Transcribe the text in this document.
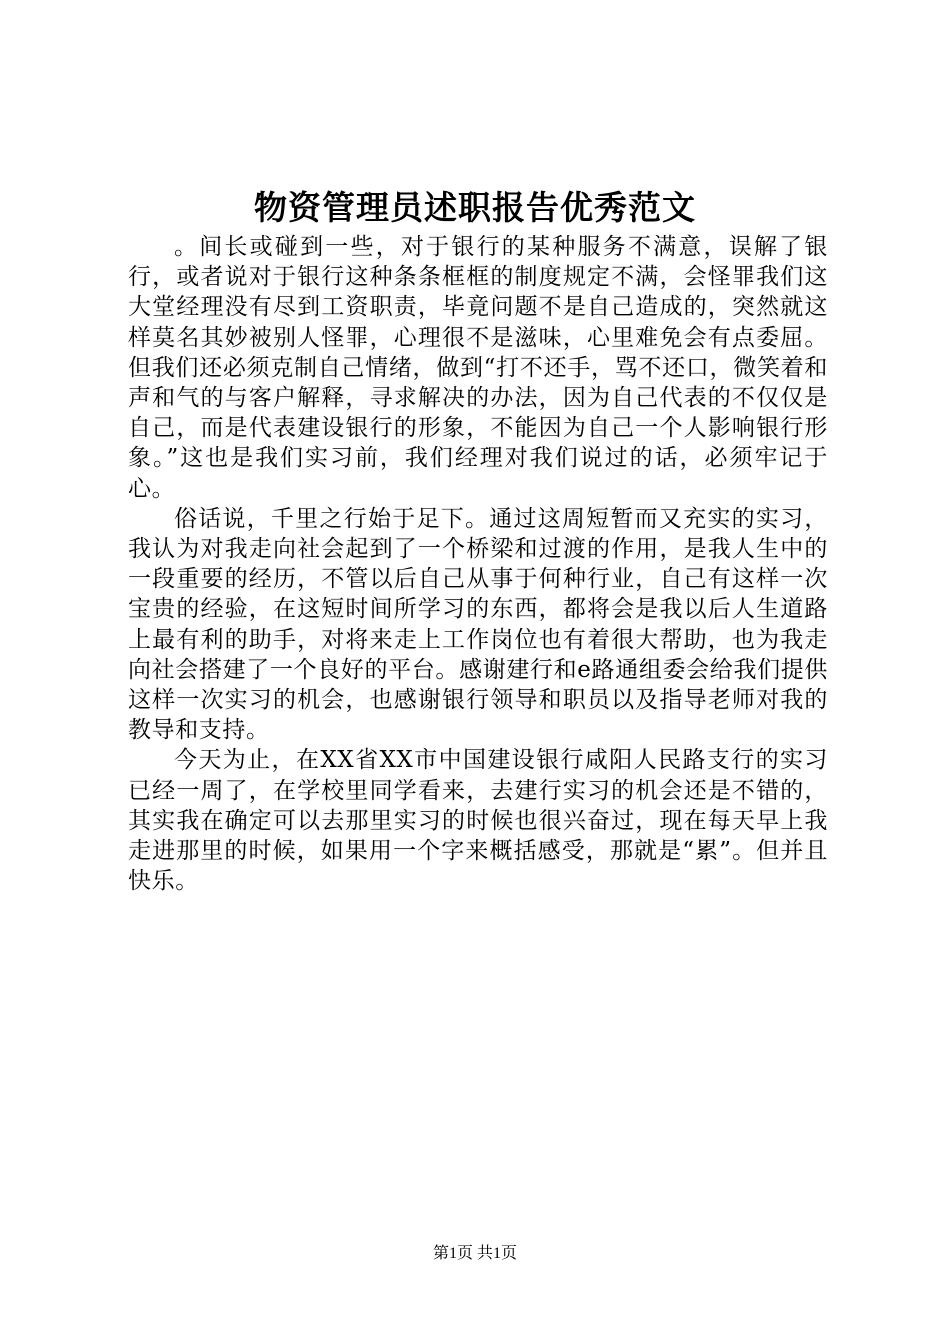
物资管理员述职报告优秀范文

。间长或碰到一些，对于银行的某种服务不满意，误解了银行，或者说对于银行这种条条框框的制度规定不满，会怪罪我们这大堂经理没有尽到工资职责，毕竟问题不是自己造成的，突然就这样莫名其妙被别人怪罪，心理很不是滋味，心里难免会有点委屈。但我们还必须克制自己情绪，做到“打不还手，骂不还口，微笑着和声和气的与客户解释，寻求解决的办法，因为自己代表的不仅仅是自己，而是代表建设银行的形象，不能因为自己一个人影响银行形象。”这也是我们实习前，我们经理对我们说过的话，必须牢记于心。

俗话说，千里之行始于足下。通过这周短暂而又充实的实习，我认为对我走向社会起到了一个桥梁和过渡的作用，是我人生中的一段重要的经历，不管以后自己从事于何种行业，自己有这样一次宝贵的经验，在这短时间所学习的东西，都将会是我以后人生道路上最有利的助手，对将来走上工作岗位也有着很大帮助，也为我走向社会搭建了一个良好的平台。感谢建行和e路通组委会给我们提供这样一次实习的机会，也感谢银行领导和职员以及指导老师对我的教导和支持。

今天为止，在XX省XX市中国建设银行咸阳人民路支行的实习已经一周了，在学校里同学看来，去建行实习的机会还是不错的，其实我在确定可以去那里实习的时候也很兴奋过，现在每天早上我走进那里的时候，如果用一个字来概括感受，那就是“累”。但并且快乐。

第1页 共1页
